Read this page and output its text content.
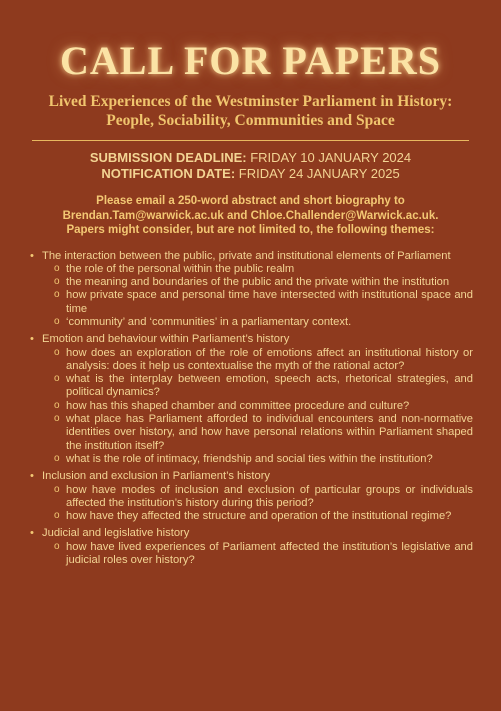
CALL FOR PAPERS
Lived Experiences of the Westminster Parliament in History: People, Sociability, Communities and Space
SUBMISSION DEADLINE: FRIDAY 10 JANUARY 2024
NOTIFICATION DATE: FRIDAY 24 JANUARY 2025
Please email a 250-word abstract and short biography to
Brendan.Tam@warwick.ac.uk and Chloe.Challender@Warwick.ac.uk.
Papers might consider, but are not limited to, the following themes:
• The interaction between the public, private and institutional elements of Parliament
o the role of the personal within the public realm
o the meaning and boundaries of the public and the private within the institution
o how private space and personal time have intersected with institutional space and time
o ‘community’ and ‘communities’ in a parliamentary context.
• Emotion and behaviour within Parliament’s history
o how does an exploration of the role of emotions affect an institutional history or analysis: does it help us contextualise the myth of the rational actor?
o what is the interplay between emotion, speech acts, rhetorical strategies, and political dynamics?
o how has this shaped chamber and committee procedure and culture?
o what place has Parliament afforded to individual encounters and non-normative identities over history, and how have personal relations within Parliament shaped the institution itself?
o what is the role of intimacy, friendship and social ties within the institution?
• Inclusion and exclusion in Parliament’s history
o how have modes of inclusion and exclusion of particular groups or individuals affected the institution’s history during this period?
o how have they affected the structure and operation of the institutional regime?
• Judicial and legislative history
o how have lived experiences of Parliament affected the institution’s legislative and judicial roles over history?
